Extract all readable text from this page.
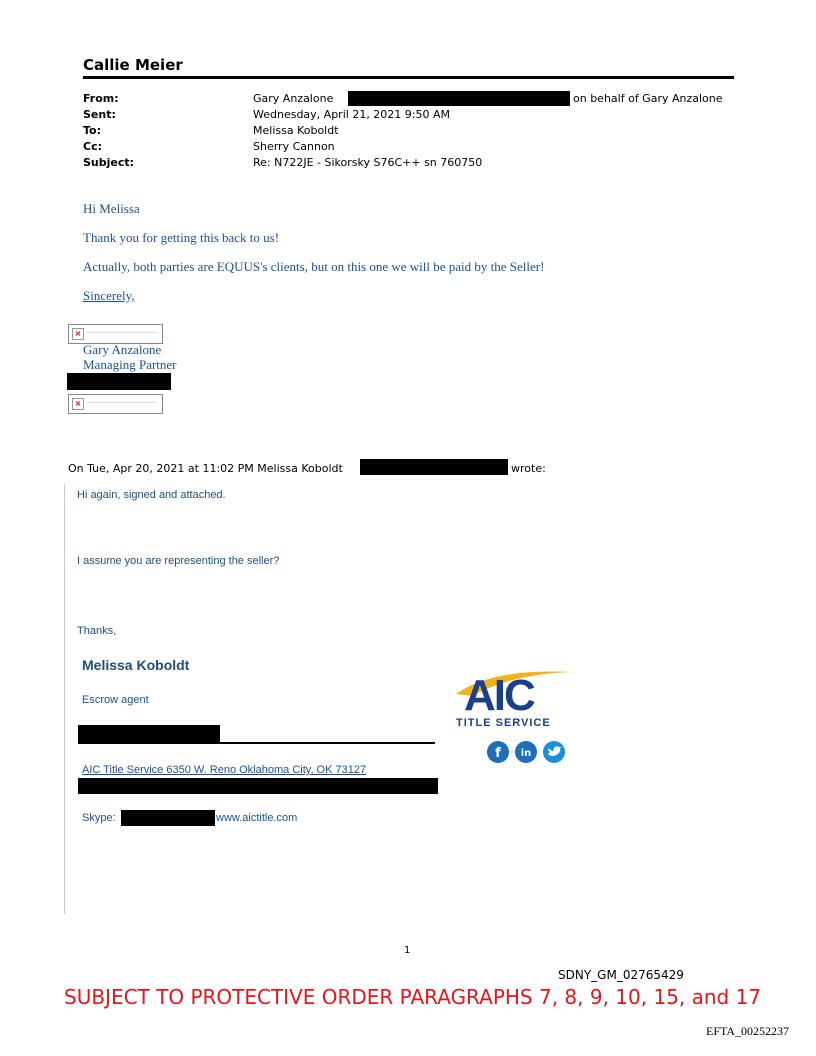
Callie Meier
From:	Gary Anzalone	on behalf of Gary Anzalone
Sent:	Wednesday, April 21, 2021 9:50 AM
To:	Melissa Koboldt
Cc:	Sherry Cannon
Subject:	Re: N722JE - Sikorsky S76C++ sn 760750
Hi Melissa
Thank you for getting this back to us!
Actually, both parties are EQUUS's clients, but on this one we will be paid by the Seller!
Sincerely,
×
Gary Anzalone
Managing Partner
×
On Tue, Apr 20, 2021 at 11:02 PM Melissa Koboldt	wrote:
Hi again, signed and attached.
I assume you are representing the seller?
Thanks,
Melissa Koboldt
Escrow agent
AIC Title Service 6350 W. Reno Oklahoma City, OK 73127
Skype:	www.aictitle.com
AIC
TITLE SERVICE
f in
1
SDNY_GM_02765429
SUBJECT TO PROTECTIVE ORDER PARAGRAPHS 7, 8, 9, 10, 15, and 17
EFTA_00252237
